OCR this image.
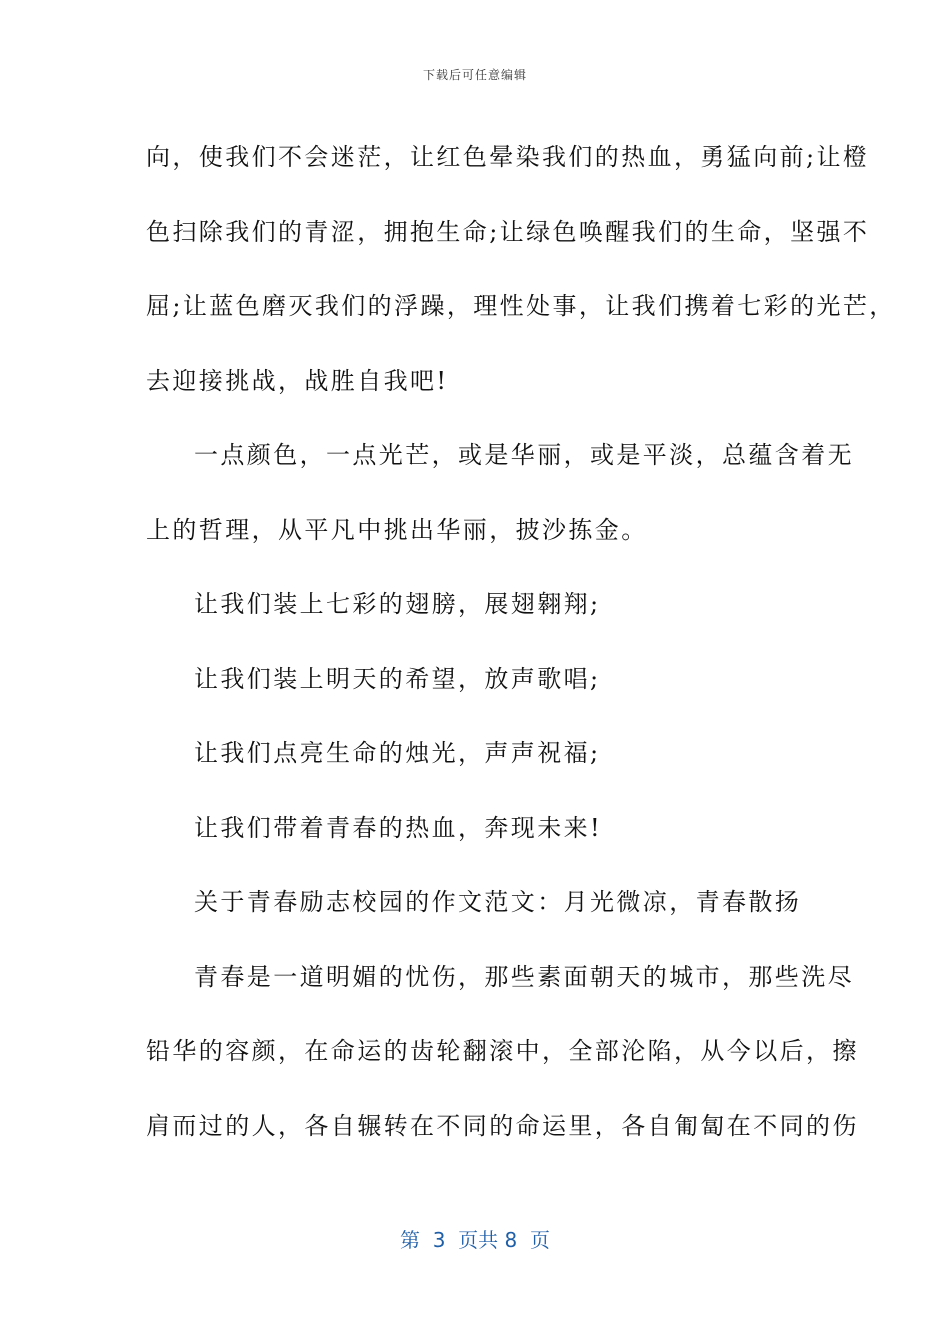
下载后可任意编辑
向，使我们不会迷茫，让红色晕染我们的热血，勇猛向前;让橙
色扫除我们的青涩，拥抱生命;让绿色唤醒我们的生命，坚强不
屈;让蓝色磨灭我们的浮躁，理性处事，让我们携着七彩的光芒，
去迎接挑战，战胜自我吧!
一点颜色，一点光芒，或是华丽，或是平淡，总蕴含着无
上的哲理，从平凡中挑出华丽，披沙拣金。
让我们装上七彩的翅膀，展翅翱翔;
让我们装上明天的希望，放声歌唱;
让我们点亮生命的烛光，声声祝福;
让我们带着青春的热血，奔现未来!
关于青春励志校园的作文范文：月光微凉，青春散扬
青春是一道明媚的忧伤，那些素面朝天的城市，那些洗尽
铅华的容颜，在命运的齿轮翻滚中，全部沦陷，从今以后，擦
肩而过的人，各自辗转在不同的命运里，各自匍匐在不同的伤
第  3  页共 8  页
